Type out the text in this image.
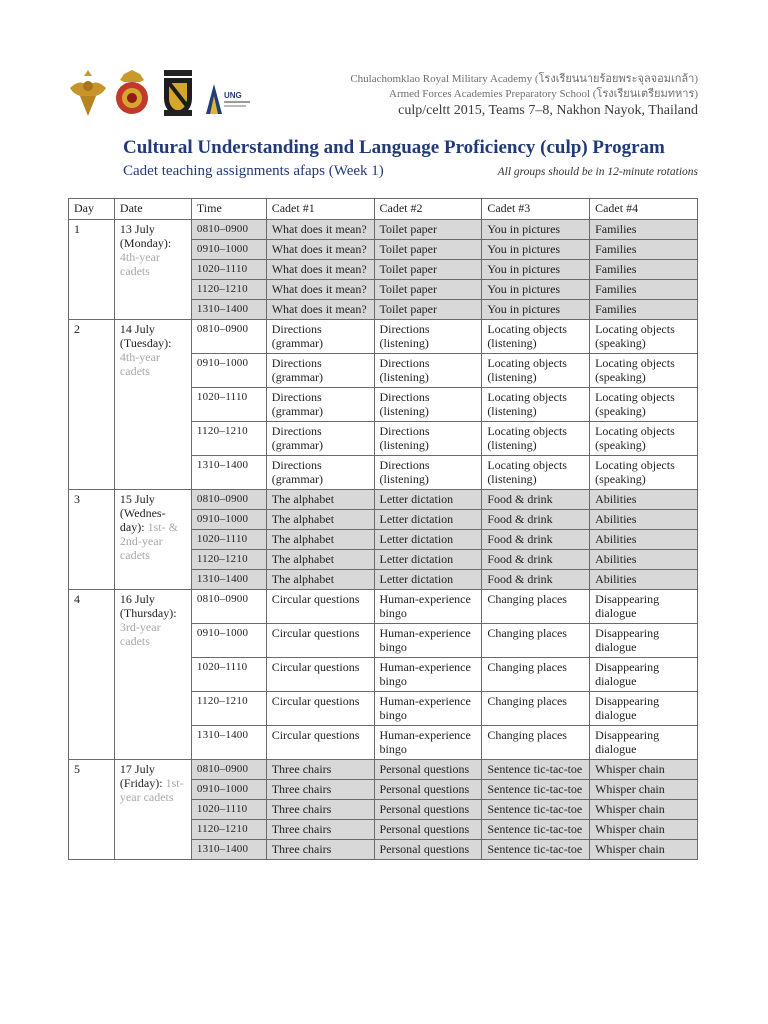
UNG
Chulachomklao Royal Military Academy (โรงเรียนนายร้อยพระจุลจอมเกล้า)
Armed Forces Academies Preparatory School (โรงเรียนเตรียมทหาร)
culp/celtt 2015, Teams 7–8, Nakhon Nayok, Thailand
Cultural Understanding and Language Proficiency (culp) Program
Cadet teaching assignments afaps (Week 1)	All groups should be in 12-minute rotations
Day	Date	Time	Cadet #1	Cadet #2	Cadet #3	Cadet #4
1	13 July (Monday): 4th-year cadets	0810–0900	What does it mean?	Toilet paper	You in pictures	Families
		0910–1000	What does it mean?	Toilet paper	You in pictures	Families
		1020–1110	What does it mean?	Toilet paper	You in pictures	Families
		1120–1210	What does it mean?	Toilet paper	You in pictures	Families
		1310–1400	What does it mean?	Toilet paper	You in pictures	Families
2	14 July (Tuesday): 4th-year cadets	0810–0900	Directions (grammar)	Directions (listening)	Locating objects (listening)	Locating objects (speaking)
		0910–1000	Directions (grammar)	Directions (listening)	Locating objects (listening)	Locating objects (speaking)
		1020–1110	Directions (grammar)	Directions (listening)	Locating objects (listening)	Locating objects (speaking)
		1120–1210	Directions (grammar)	Directions (listening)	Locating objects (listening)	Locating objects (speaking)
		1310–1400	Directions (grammar)	Directions (listening)	Locating objects (listening)	Locating objects (speaking)
3	15 July (Wednes-day): 1st- & 2nd-year cadets	0810–0900	The alphabet	Letter dictation	Food & drink	Abilities
		0910–1000	The alphabet	Letter dictation	Food & drink	Abilities
		1020–1110	The alphabet	Letter dictation	Food & drink	Abilities
		1120–1210	The alphabet	Letter dictation	Food & drink	Abilities
		1310–1400	The alphabet	Letter dictation	Food & drink	Abilities
4	16 July (Thursday): 3rd-year cadets	0810–0900	Circular questions	Human-experience bingo	Changing places	Disappearing dialogue
		0910–1000	Circular questions	Human-experience bingo	Changing places	Disappearing dialogue
		1020–1110	Circular questions	Human-experience bingo	Changing places	Disappearing dialogue
		1120–1210	Circular questions	Human-experience bingo	Changing places	Disappearing dialogue
		1310–1400	Circular questions	Human-experience bingo	Changing places	Disappearing dialogue
5	17 July (Friday): 1st-year cadets	0810–0900	Three chairs	Personal questions	Sentence tic-tac-toe	Whisper chain
		0910–1000	Three chairs	Personal questions	Sentence tic-tac-toe	Whisper chain
		1020–1110	Three chairs	Personal questions	Sentence tic-tac-toe	Whisper chain
		1120–1210	Three chairs	Personal questions	Sentence tic-tac-toe	Whisper chain
		1310–1400	Three chairs	Personal questions	Sentence tic-tac-toe	Whisper chain
